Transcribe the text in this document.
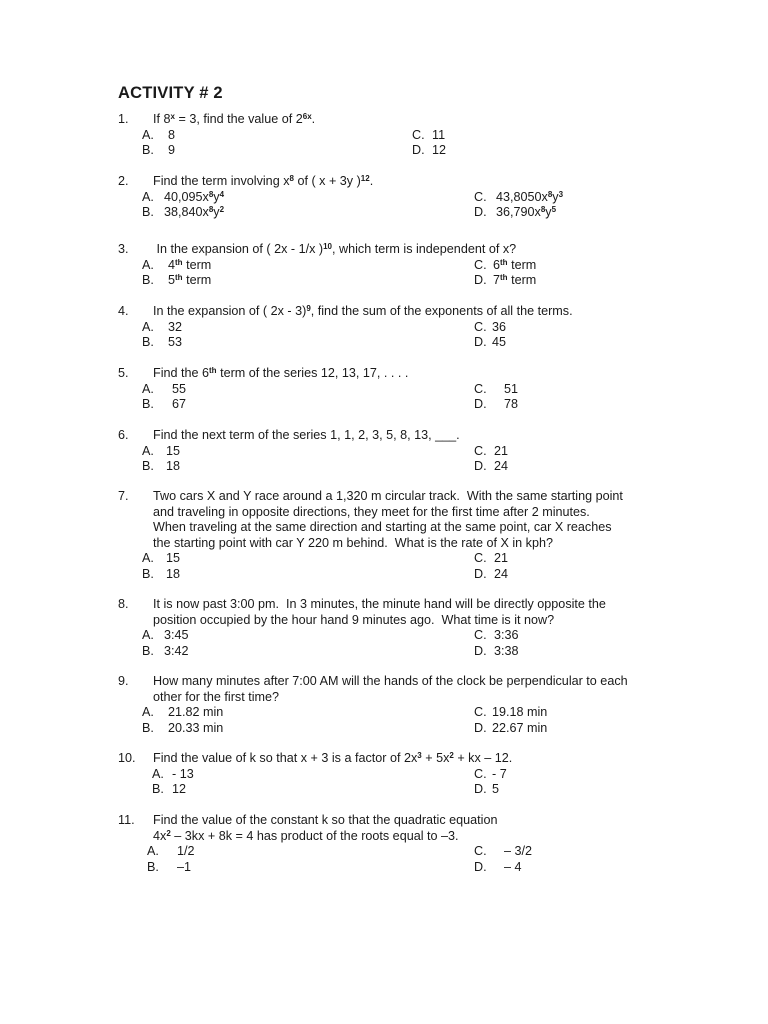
ACTIVITY # 2
1. If $8^x = 3$, find the value of $2^{6x}$.
A. 8	C. 11
B. 9	D. 12
2. Find the term involving $x^8$ of ( x + 3y )$^{12}$.
A. $40,095x^8y^4$	C. $43,8050x^8y^3$
B. $38,840x^8y^2$	D. $36,790x^8y^5$
3. In the expansion of ( 2x - 1/x )$^{10}$, which term is independent of x?
A. 4th term	C. 6th term
B. 5th term	D. 7th term
4. In the expansion of ( 2x - 3)$^9$, find the sum of the exponents of all the terms.
A. 32	C. 36
B. 53	D. 45
5. Find the 6th term of the series 12, 13, 17, . . . .
A. 55	C. 51
B. 67	D. 78
6. Find the next term of the series 1, 1, 2, 3, 5, 8, 13, ___.
A. 15	C. 21
B. 18	D. 24
7. Two cars X and Y race around a 1,320 m circular track.  With the same starting point
and traveling in opposite directions, they meet for the first time after 2 minutes.
When traveling at the same direction and starting at the same point, car X reaches
the starting point with car Y 220 m behind.  What is the rate of X in kph?
A. 15	C. 21
B. 18	D. 24
8. It is now past 3:00 pm.  In 3 minutes, the minute hand will be directly opposite the
position occupied by the hour hand 9 minutes ago.  What time is it now?
A. 3:45	C. 3:36
B. 3:42	D. 3:38
9. How many minutes after 7:00 AM will the hands of the clock be perpendicular to each
other for the first time?
A. 21.82 min	C. 19.18 min
B. 20.33 min	D. 22.67 min
10. Find the value of k so that x + 3 is a factor of $2x^3 + 5x^2$ + kx – 12.
A. - 13	C. - 7
B. 12	D. 5
11. Find the value of the constant k so that the quadratic equation
$4x^2 - 3kx + 8k = 4$ has product of the roots equal to –3.
A. 1/2	C. – 3/2
B. –1	D. – 4
